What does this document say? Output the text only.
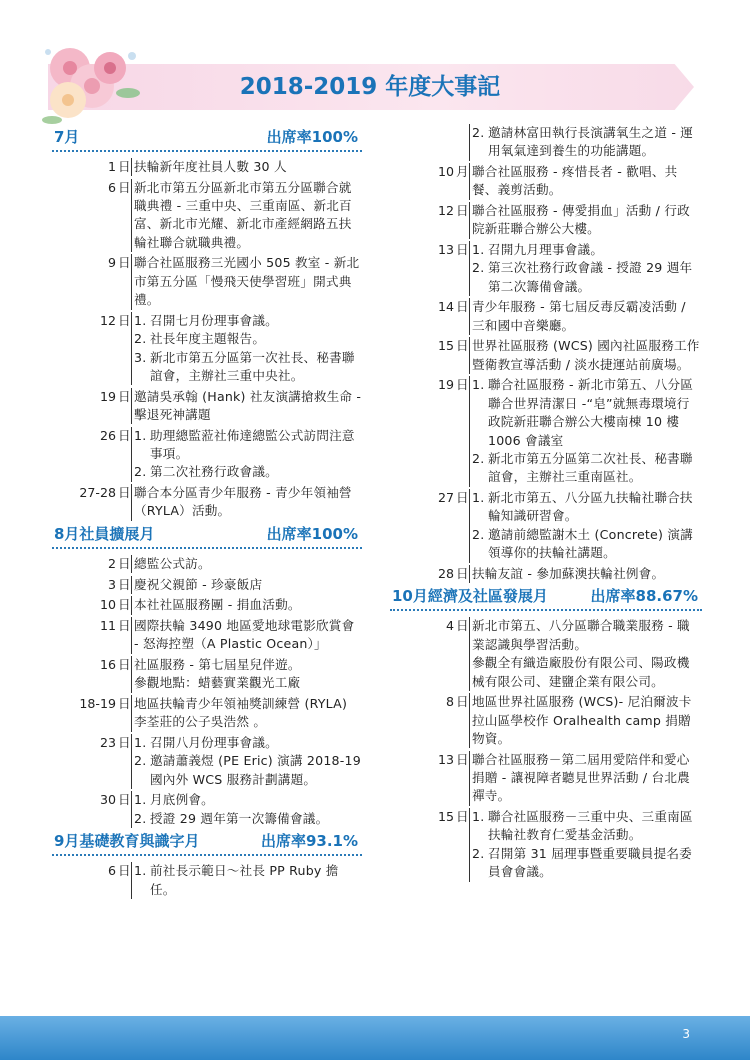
2018-2019 年度大事記
7月	出席率100%
1 日 扶輪新年度社員人數 30 人
6 日 新北市第五分區新北市第五分區聯合就職典禮 - 三重中央、三重南區、新北百富、新北市光耀、新北市產經網路五扶輪社聯合就職典禮。
9 日 聯合社區服務三光國小 505 教室 - 新北市第五分區「慢飛天使學習班」開式典禮。
12 日 1. 召開七月份理事會議。
2. 社長年度主題報告。
3. 新北市第五分區第一次社長、秘書聯誼會，主辦社三重中央社。
19 日 邀請吳承翰 (Hank) 社友演講搶救生命 - 擊退死神講題
26 日 1. 助理總監蒞社佈達總監公式訪問注意事項。
2. 第二次社務行政會議。
27-28 日 聯合本分區青少年服務 - 青少年領袖營（RYLA）活動。
8月社員擴展月	出席率100%
2 日 總監公式訪。
3 日 慶祝父親節 - 珍豪飯店
10 日 本社社區服務團 - 捐血活動。
11 日 國際扶輪 3490 地區愛地球電影欣賞會 - 怒海控塑（A Plastic Ocean）」
16 日 社區服務 - 第七屆星兒伴遊。
參觀地點：蜡藝實業觀光工廠
18-19 日 地區扶輪青少年領袖獎訓練營 (RYLA) 李荃莊的公子吳浩然 。
23 日 1. 召開八月份理事會議。
2. 邀請蕭義煜 (PE Eric) 演講 2018-19 國內外 WCS 服務計劃講題。
30 日 1. 月底例會。
2. 授證 29 週年第一次籌備會議。
9月基礎教育與識字月	出席率93.1%
6 日 1. 前社長示範日～社長 PP Ruby 擔任。
2. 邀請林富田執行長演講氧生之道 - 運用氧氣達到養生的功能講題。
10 月 聯合社區服務 - 疼惜長者 - 歡唱、共餐、義剪活動。
12 日 聯合社區服務 - 傳愛捐血」活動 / 行政院新莊聯合辦公大樓。
13 日 1. 召開九月理事會議。
2. 第三次社務行政會議 - 授證 29 週年第二次籌備會議。
14 日 青少年服務 - 第七屆反毒反霸凌活動 / 三和國中音樂廳。
15 日 世界社區服務 (WCS) 國內社區服務工作暨衛教宣導活動 / 淡水捷運站前廣場。
19 日 1. 聯合社區服務 - 新北市第五、八分區聯合世界清潔日 -“皂”就無毒環境行政院新莊聯合辦公大樓南棟 10 樓 1006 會議室
2. 新北市第五分區第二次社長、秘書聯誼會，主辦社三重南區社。
27 日 1. 新北市第五、八分區九扶輪社聯合扶輪知識研習會。
2. 邀請前總監謝木土 (Concrete) 演講領導你的扶輪社講題。
28 日 扶輪友誼 - 參加蘇澳扶輪社例會。
10月經濟及社區發展月	出席率88.67%
4 日 新北市第五、八分區聯合職業服務 - 職業認識與學習活動。
參觀全有織造廠股份有限公司、陽政機械有限公司、建鹽企業有限公司。
8 日 地區世界社區服務 (WCS)- 尼泊爾波卡拉山區學校作 Oralhealth camp 捐贈物資。
13 日 聯合社區服務－第二屆用愛陪伴和愛心捐贈 - 讓視障者聽見世界活動 / 台北農禪寺。
15 日 1. 聯合社區服務－三重中央、三重南區扶輪社教育仁愛基金活動。
2. 召開第 31 屆理事暨重要職員提名委員會會議。
3
